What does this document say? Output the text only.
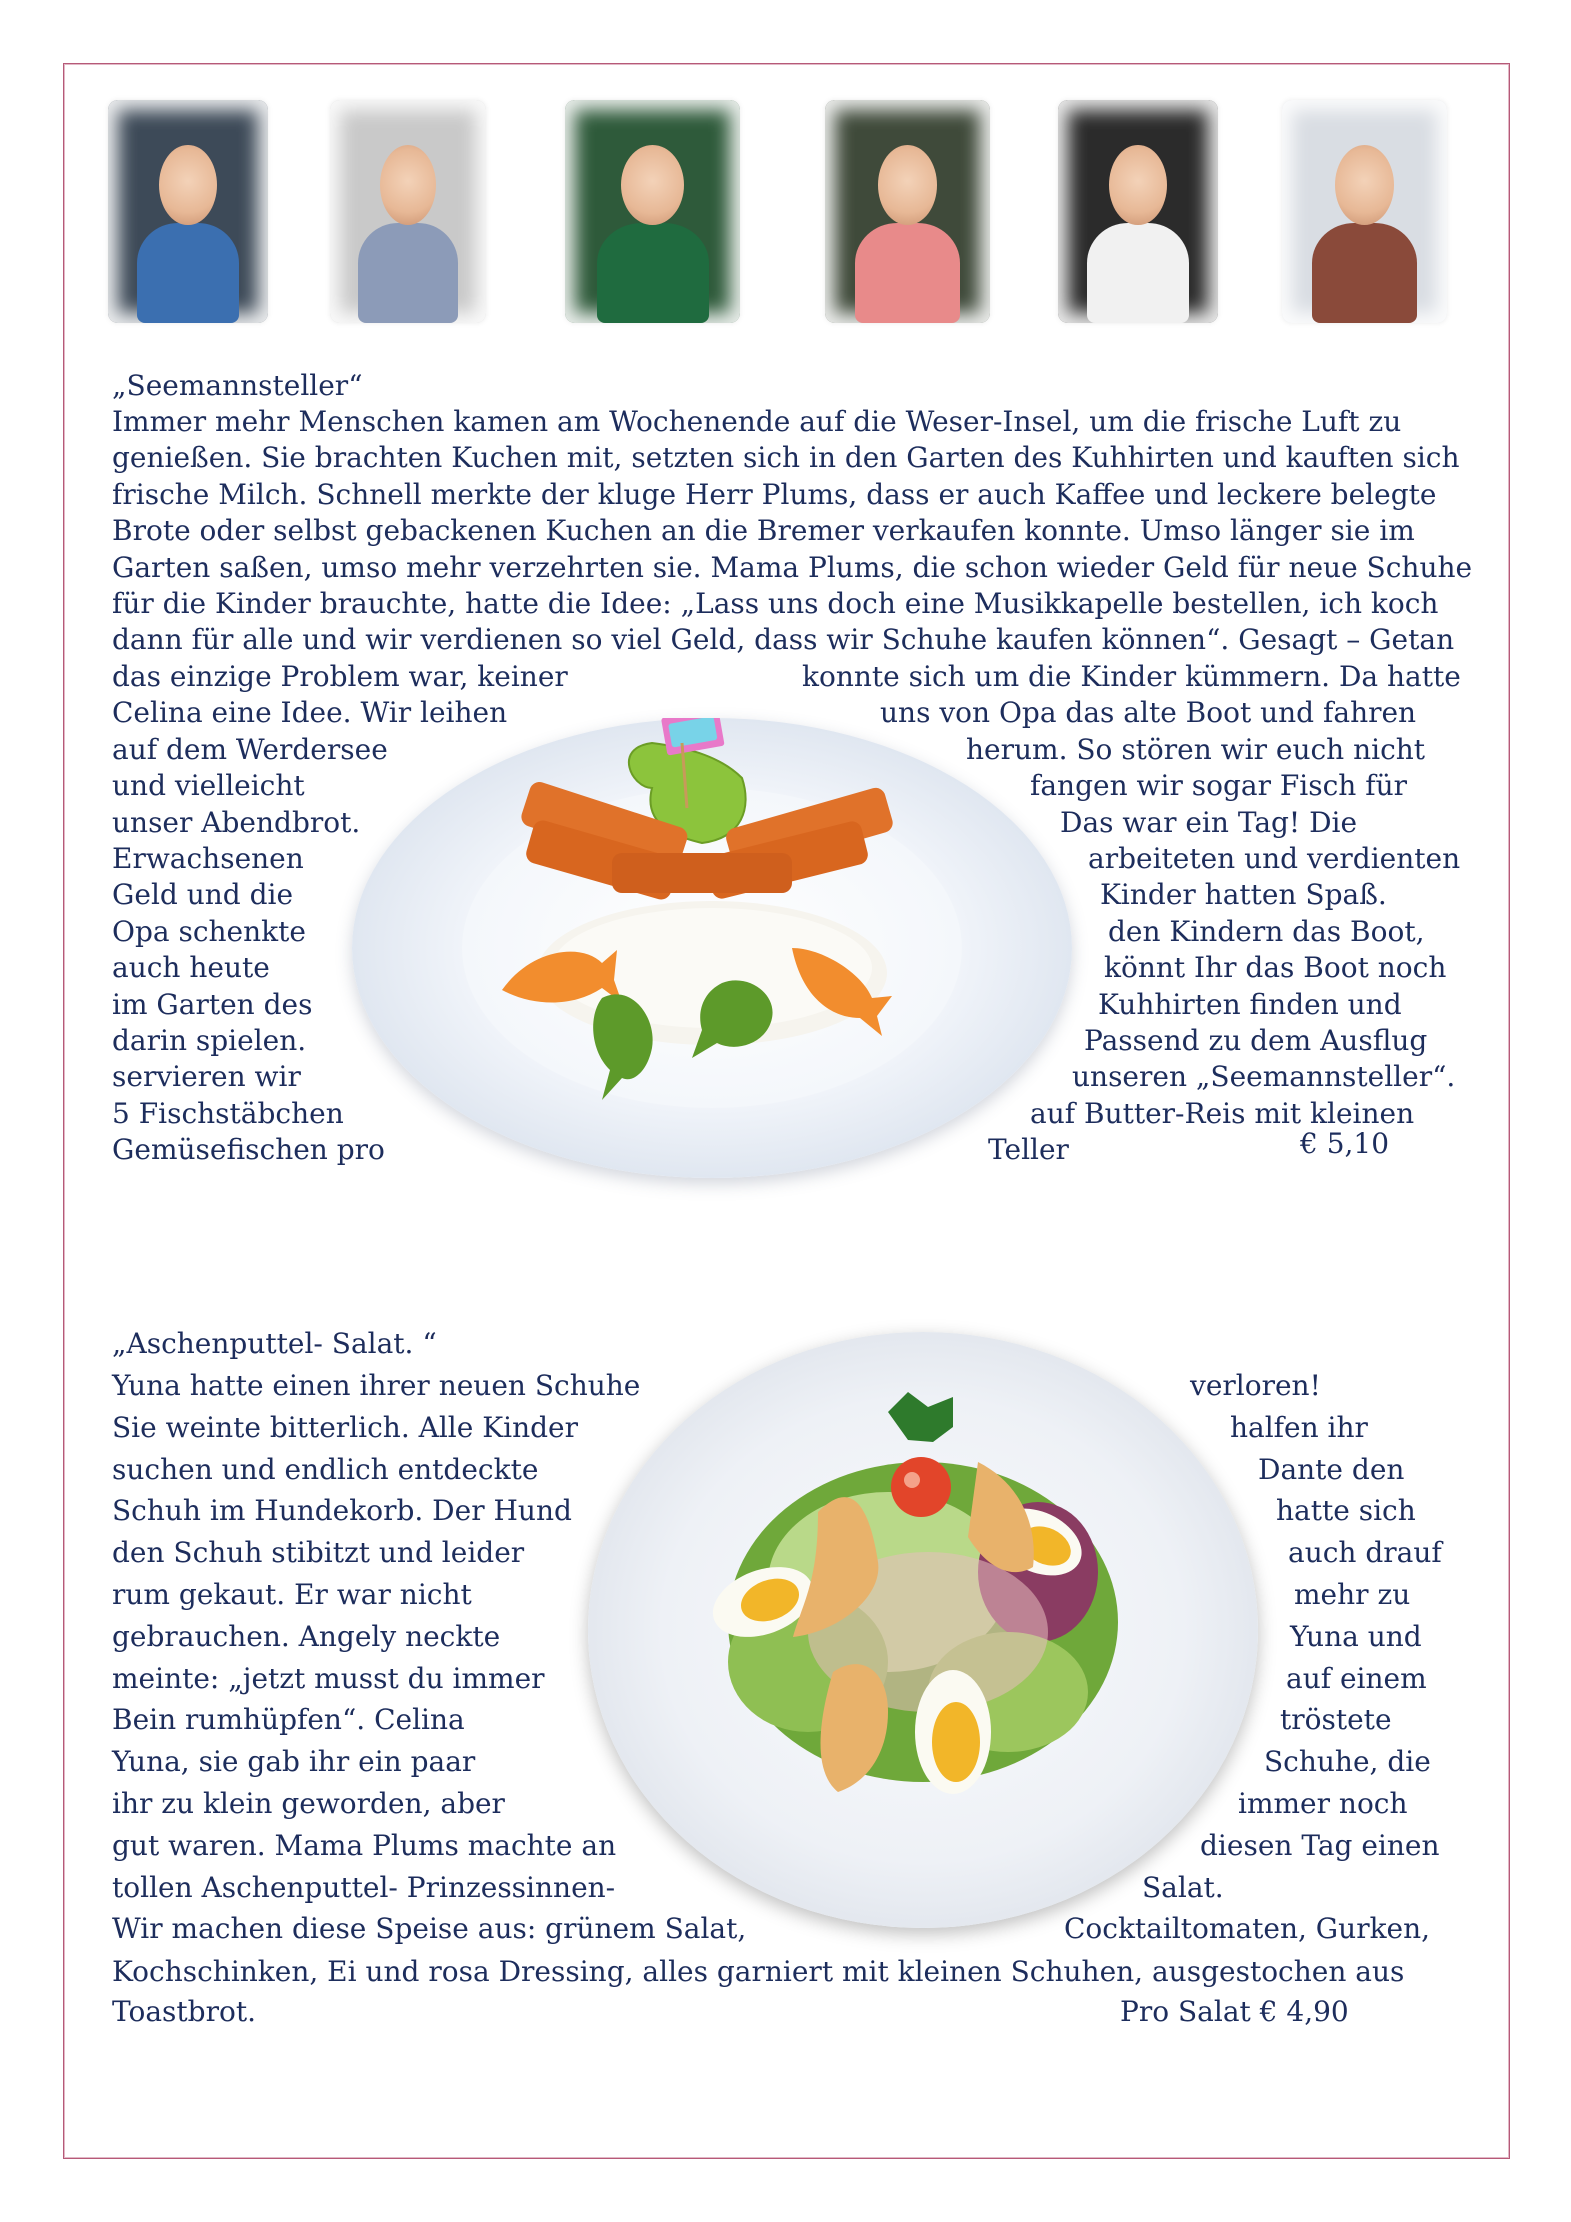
„Seemannsteller“
Immer mehr Menschen kamen am Wochenende auf die Weser-Insel, um die frische Luft zu
genießen. Sie brachten Kuchen mit, setzten sich in den Garten des Kuhhirten und kauften sich
frische Milch. Schnell merkte der kluge Herr Plums, dass er auch Kaffee und leckere belegte
Brote oder selbst gebackenen Kuchen an die Bremer verkaufen konnte. Umso länger sie im
Garten saßen, umso mehr verzehrten sie. Mama Plums, die schon wieder Geld für neue Schuhe
für die Kinder brauchte, hatte die Idee: „Lass uns doch eine Musikkapelle bestellen, ich koch
dann für alle und wir verdienen so viel Geld, dass wir Schuhe kaufen können“. Gesagt – Getan
das einzige Problem war, keiner	konnte sich um die Kinder kümmern. Da hatte
Celina eine Idee. Wir leihen	uns von Opa das alte Boot und fahren
auf dem Werdersee	herum. So stören wir euch nicht
und vielleicht	fangen wir sogar Fisch für
unser Abendbrot.	Das war ein Tag! Die
Erwachsenen	arbeiteten und verdienten
Geld und die	Kinder hatten Spaß.
Opa schenkte	den Kindern das Boot,
auch heute	könnt Ihr das Boot noch
im Garten des	Kuhhirten finden und
darin spielen.	Passend zu dem Ausflug
servieren wir	unseren „Seemannsteller“.
5 Fischstäbchen	auf Butter-Reis mit kleinen
Gemüsefischen pro	Teller	€ 5,10
„Aschenputtel- Salat. “
Yuna hatte einen ihrer neuen Schuhe	verloren!
Sie weinte bitterlich. Alle Kinder	halfen ihr
suchen und endlich entdeckte	Dante den
Schuh im Hundekorb. Der Hund	hatte sich
den Schuh stibitzt und leider	auch drauf
rum gekaut. Er war nicht	mehr zu
gebrauchen. Angely neckte	Yuna und
meinte: „jetzt musst du immer	auf einem
Bein rumhüpfen“. Celina	tröstete
Yuna, sie gab ihr ein paar	Schuhe, die
ihr zu klein geworden, aber	immer noch
gut waren. Mama Plums machte an	diesen Tag einen
tollen Aschenputtel- Prinzessinnen-	Salat.
Wir machen diese Speise aus: grünem Salat,	Cocktailtomaten, Gurken,
Kochschinken, Ei und rosa Dressing, alles garniert mit kleinen Schuhen, ausgestochen aus
Toastbrot.	Pro Salat € 4,90
